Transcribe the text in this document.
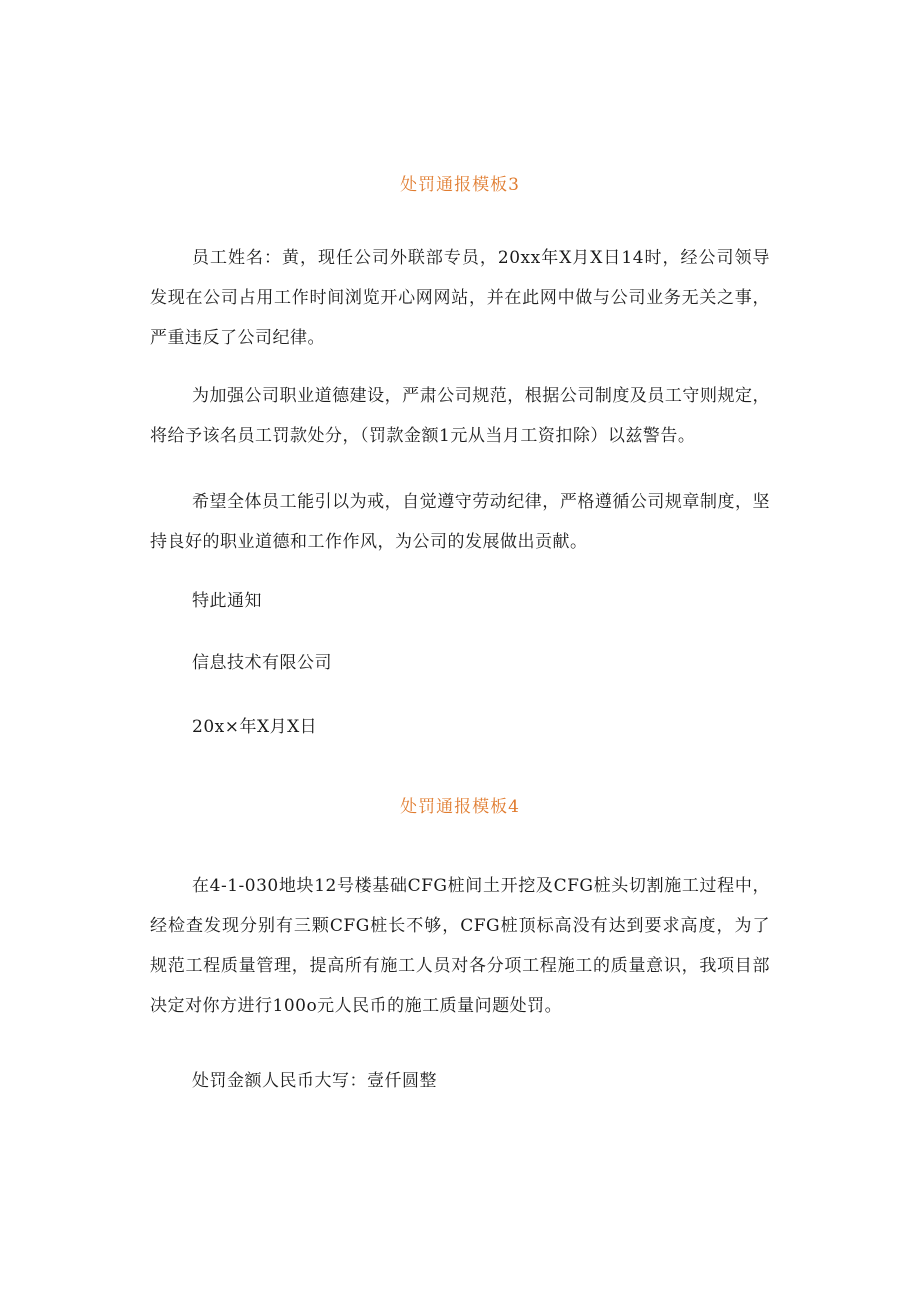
处罚通报模板3
员工姓名：黄，现任公司外联部专员，20xx年X月X日14时，经公司领导发现在公司占用工作时间浏览开心网网站，并在此网中做与公司业务无关之事，严重违反了公司纪律。
为加强公司职业道德建设，严肃公司规范，根据公司制度及员工守则规定，将给予该名员工罚款处分，（罚款金额1元从当月工资扣除）以兹警告。
希望全体员工能引以为戒，自觉遵守劳动纪律，严格遵循公司规章制度，坚持良好的职业道德和工作作风，为公司的发展做出贡献。
特此通知
信息技术有限公司
20x×年X月X日
处罚通报模板4
在4-1-030地块12号楼基础CFG桩间土开挖及CFG桩头切割施工过程中，经检查发现分别有三颗CFG桩长不够，CFG桩顶标高没有达到要求高度，为了规范工程质量管理，提高所有施工人员对各分项工程施工的质量意识，我项目部决定对你方进行100o元人民币的施工质量问题处罚。
处罚金额人民币大写：壹仟圆整
